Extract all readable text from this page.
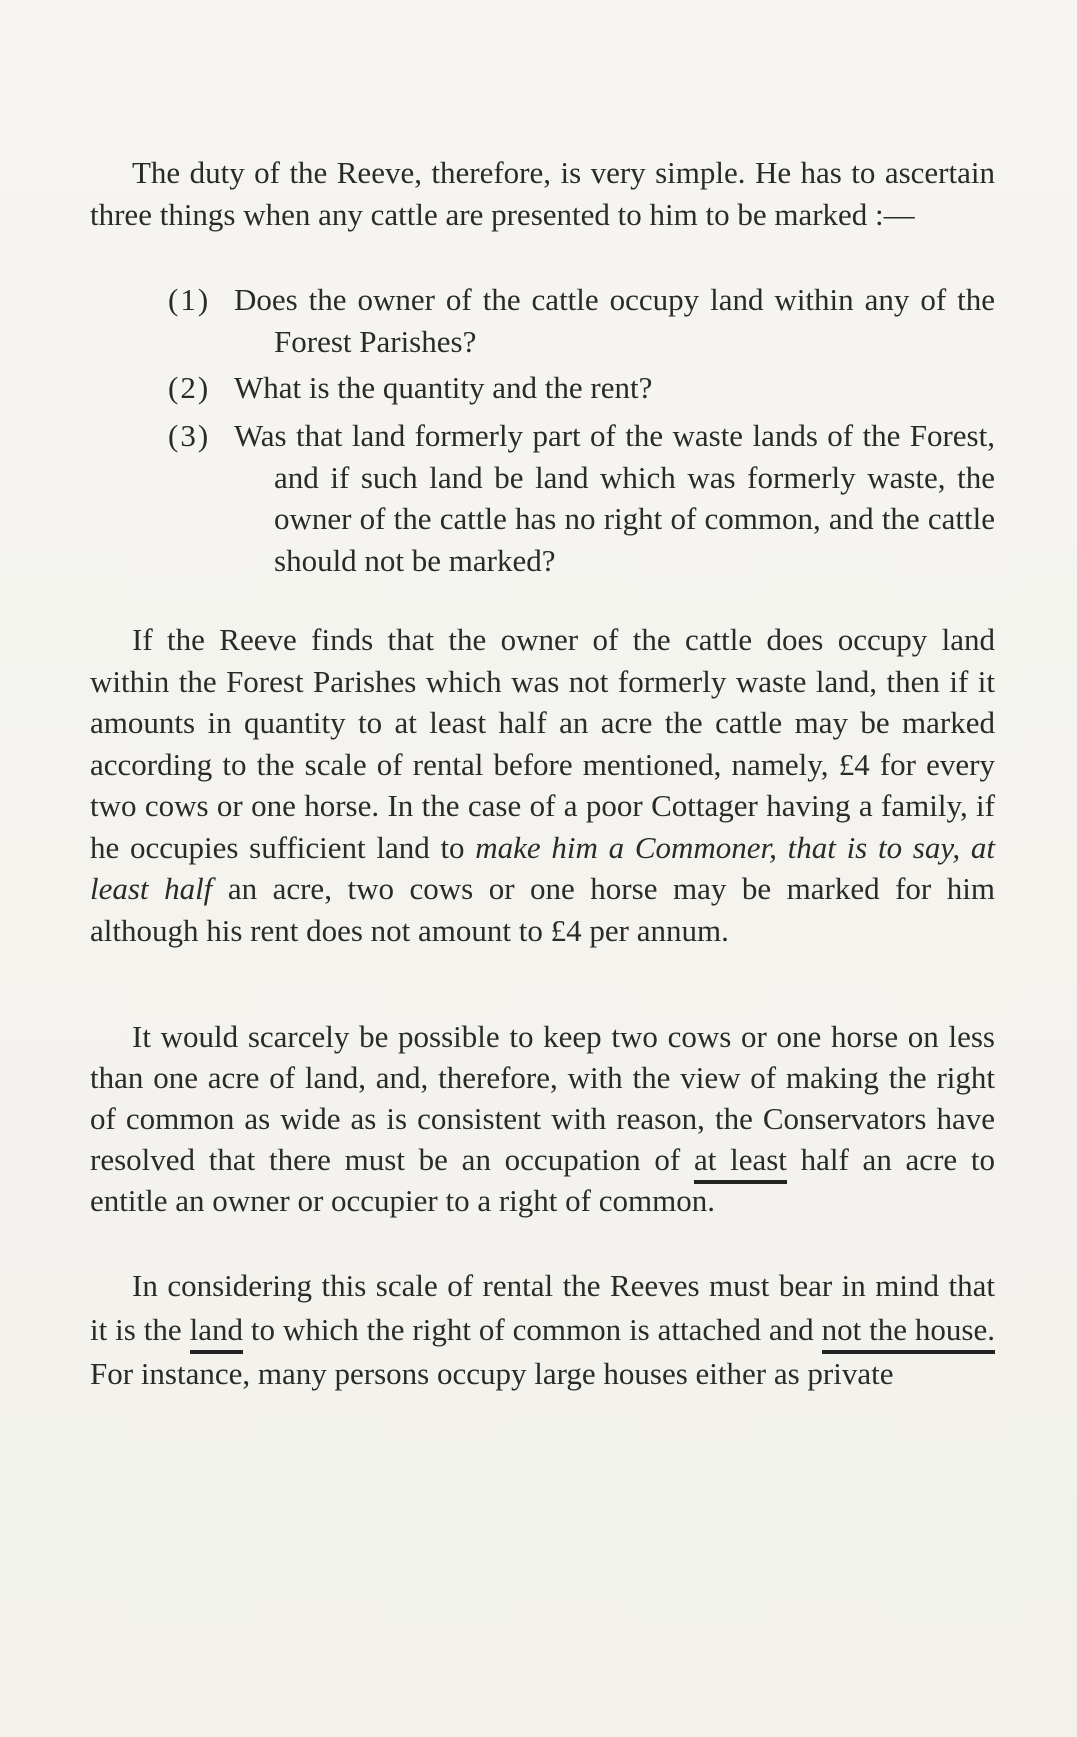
The duty of the Reeve, therefore, is very simple. He has to ascertain three things when any cattle are presented to him to be marked :—

(1) Does the owner of the cattle occupy land within any of the Forest Parishes?
(2) What is the quantity and the rent?
(3) Was that land formerly part of the waste lands of the Forest, and if such land be land which was formerly waste, the owner of the cattle has no right of common, and the cattle should not be marked?

If the Reeve finds that the owner of the cattle does occupy land within the Forest Parishes which was not formerly waste land, then if it amounts in quantity to at least half an acre the cattle may be marked according to the scale of rental before mentioned, namely, £4 for every two cows or one horse. In the case of a poor Cottager having a family, if he occupies sufficient land to make him a Commoner, that is to say, at least half an acre, two cows or one horse may be marked for him although his rent does not amount to £4 per annum.

It would scarcely be possible to keep two cows or one horse on less than one acre of land, and, therefore, with the view of making the right of common as wide as is consistent with reason, the Conservators have resolved that there must be an occupation of at least half an acre to entitle an owner or occupier to a right of common.

In considering this scale of rental the Reeves must bear in mind that it is the land to which the right of common is attached and not the house. For instance, many persons occupy large houses either as private
